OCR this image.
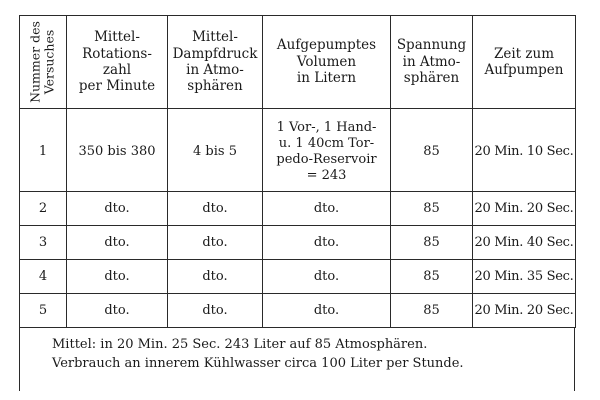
Nummer des Versuches	Mittel-
Rotations-
zahl
per Minute	Mittel-
Dampfdruck
in Atmo-
sphären	Aufgepumptes
Volumen
in Litern	Spannung
in Atmo-
sphären	Zeit zum
Aufpumpen

1	350 bis 380	4 bis 5	1 Vor-, 1 Hand-
u. 1 40cm Tor-
pedo-Reservoir
= 243	85	20 Min. 10 Sec.
2	dto.	dto.	dto.	85	20 Min. 20 Sec.
3	dto.	dto.	dto.	85	20 Min. 40 Sec.
4	dto.	dto.	dto.	85	20 Min. 35 Sec.
5	dto.	dto.	dto.	85	20 Min. 20 Sec.
Mittel: in 20 Min. 25 Sec. 243 Liter auf 85 Atmosphären.
Verbrauch an innerem Kühlwasser circa 100 Liter per Stunde.
